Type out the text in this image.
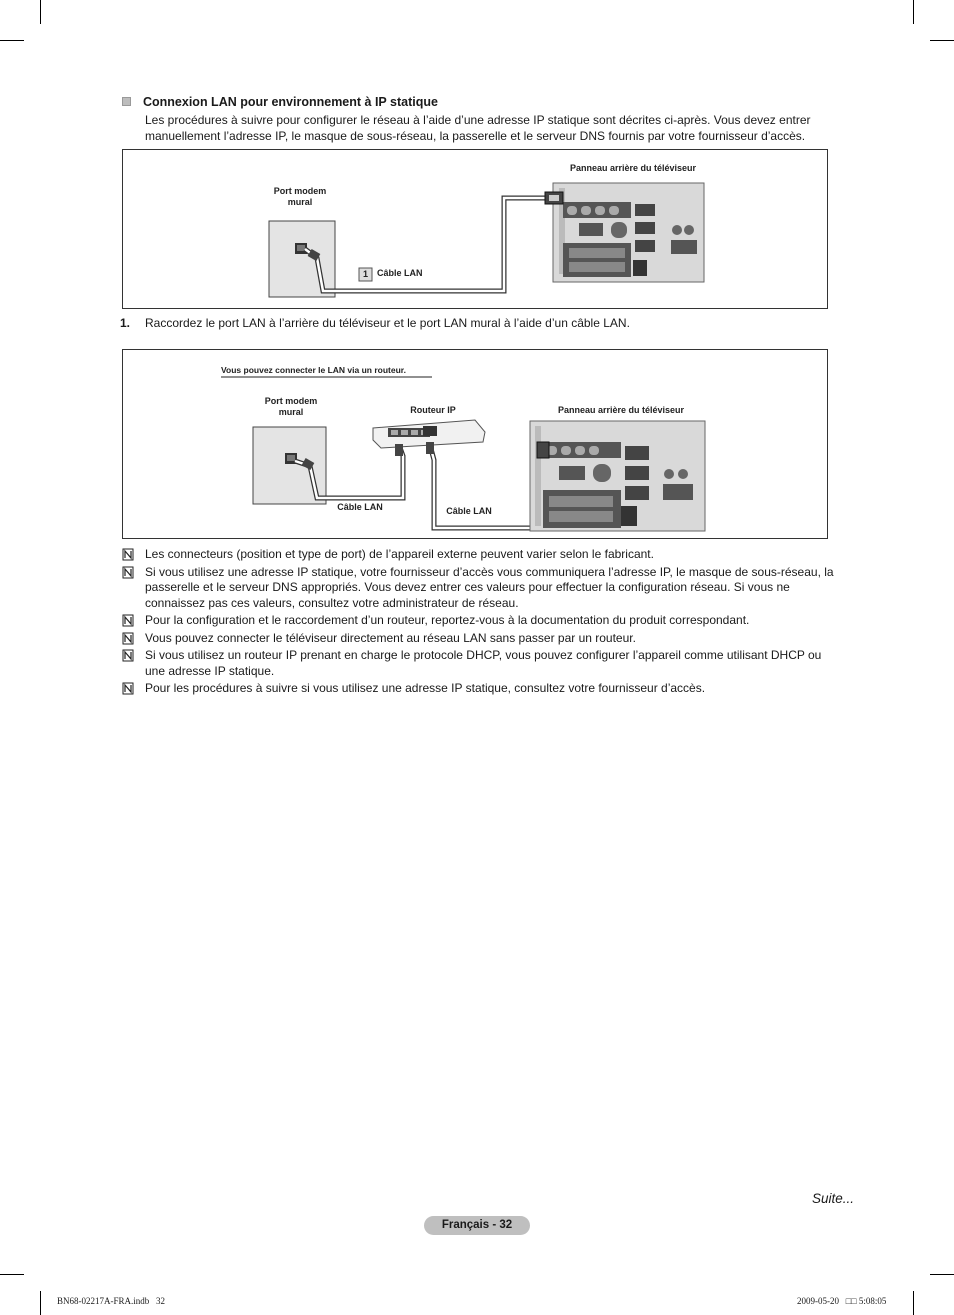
Connexion LAN pour environnement à IP statique
Les procédures à suivre pour configurer le réseau à l’aide d’une adresse IP statique sont décrites ci-après. Vous devez entrer manuellement l’adresse IP, le masque de sous-réseau, la passerelle et le serveur DNS fournis par votre fournisseur d’accès.
Port modem
mural
Panneau arrière du téléviseur
1	Câble LAN
1. Raccordez le port LAN à l’arrière du téléviseur et le port LAN mural à l’aide d’un câble LAN.
Vous pouvez connecter le LAN via un routeur.
Port modem
mural	Routeur IP	Panneau arrière du téléviseur
Câble LAN	Câble LAN
Les connecteurs (position et type de port) de l’appareil externe peuvent varier selon le fabricant.
Si vous utilisez une adresse IP statique, votre fournisseur d’accès vous communiquera l’adresse IP, le masque de sous-réseau, la passerelle et le serveur DNS appropriés. Vous devez entrer ces valeurs pour effectuer la configuration réseau. Si vous ne connaissez pas ces valeurs, consultez votre administrateur de réseau.
Pour la configuration et le raccordement d’un routeur, reportez-vous à la documentation du produit correspondant.
Vous pouvez connecter le téléviseur directement au réseau LAN sans passer par un routeur.
Si vous utilisez un routeur IP prenant en charge le protocole DHCP, vous pouvez configurer l’appareil comme utilisant DHCP ou une adresse IP statique.
Pour les procédures à suivre si vous utilisez une adresse IP statique, consultez votre fournisseur d’accès.
Suite...
Français - 32
BN68-02217A-FRA.indb   32	2009-05-20   □□ 5:08:05
